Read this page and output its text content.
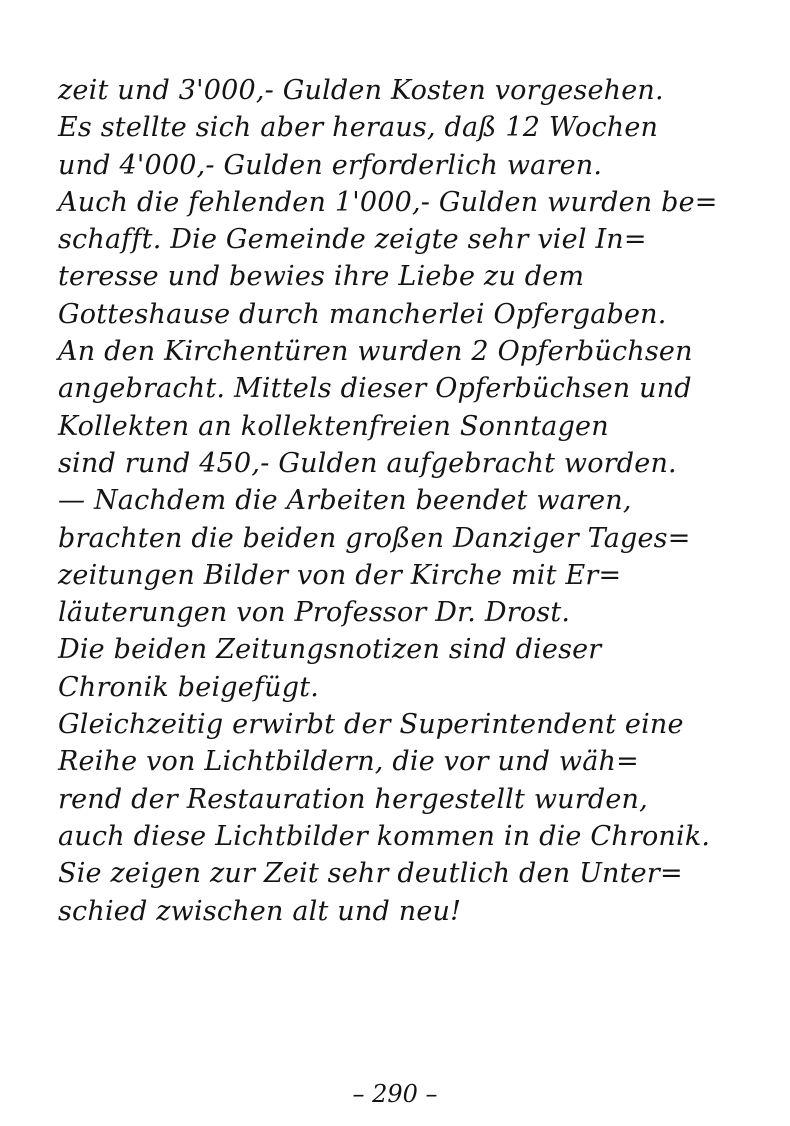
zeit und 3'000,- Gulden Kosten vorgesehen.
Es stellte sich aber heraus, daß 12 Wochen
und 4'000,- Gulden erforderlich waren.
Auch die fehlenden 1'000,- Gulden wurden be=
schafft. Die Gemeinde zeigte sehr viel In=
teresse und bewies ihre Liebe zu dem
Gotteshause durch mancherlei Opfergaben.
An den Kirchentüren wurden 2 Opferbüchsen
angebracht. Mittels dieser Opferbüchsen und
Kollekten an kollektenfreien Sonntagen
sind rund 450,- Gulden aufgebracht worden.
— Nachdem die Arbeiten beendet waren,
brachten die beiden großen Danziger Tages=
zeitungen Bilder von der Kirche mit Er=
läuterungen von Professor Dr. Drost.
Die beiden Zeitungsnotizen sind dieser
Chronik beigefügt.
Gleichzeitig erwirbt der Superintendent eine
Reihe von Lichtbildern, die vor und wäh=
rend der Restauration hergestellt wurden,
auch diese Lichtbilder kommen in die Chronik.
Sie zeigen zur Zeit sehr deutlich den Unter=
schied zwischen alt und neu!
– 290 –
